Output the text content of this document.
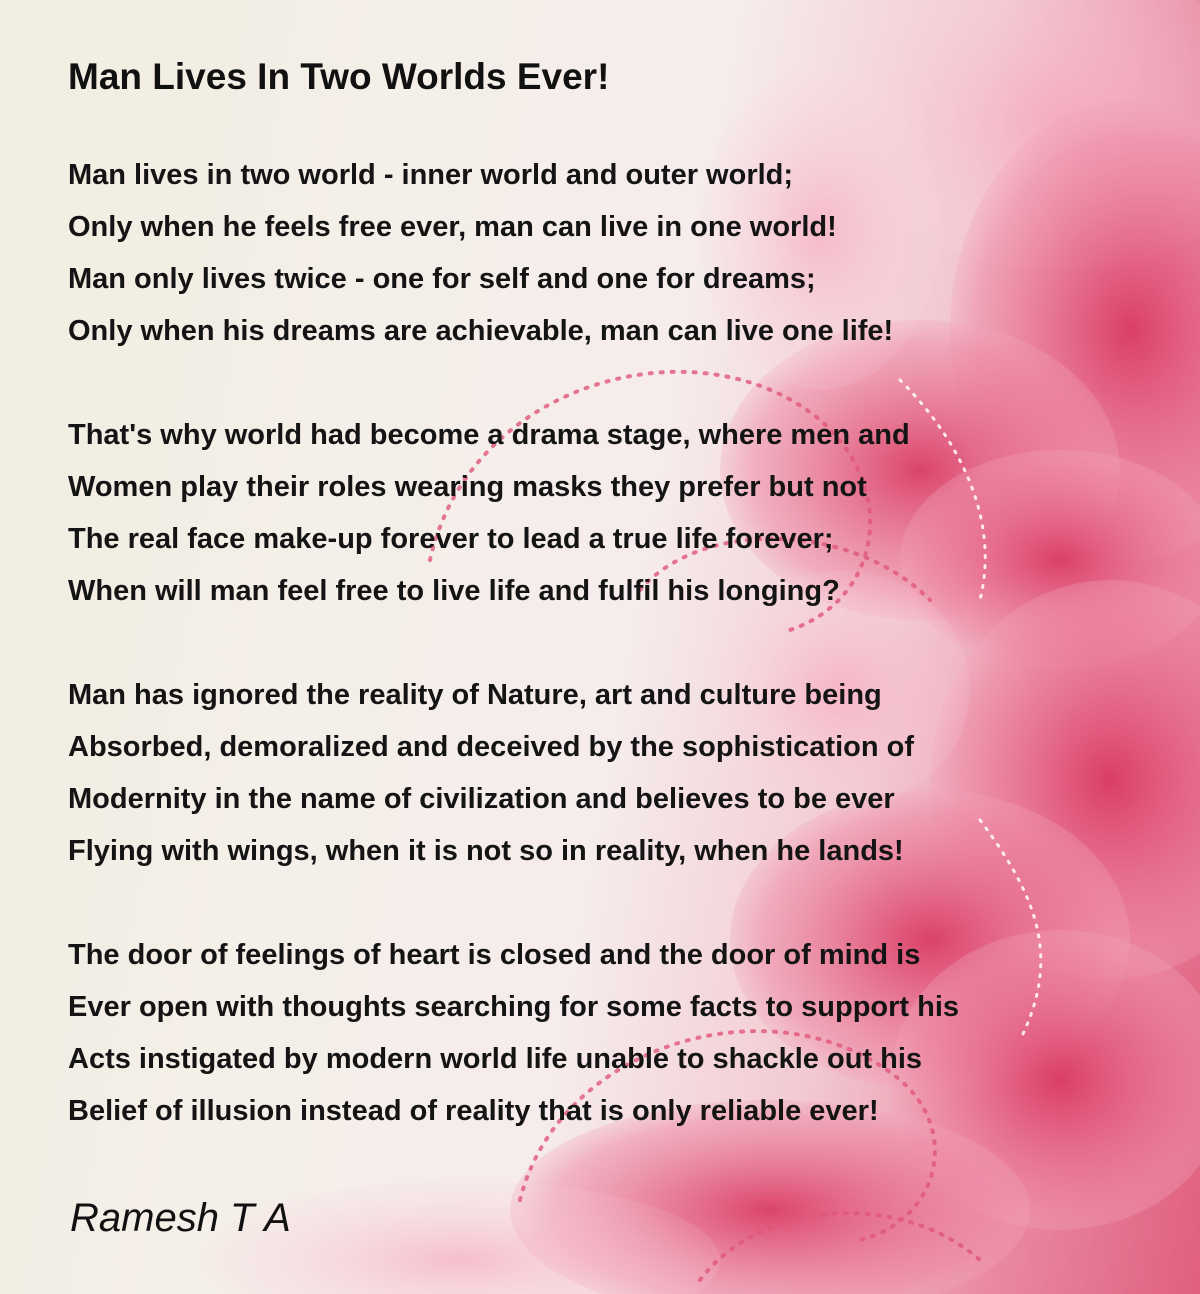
Man Lives In Two Worlds Ever!
Man lives in two world - inner world and outer world;
Only when he feels free ever, man can live in one world!
Man only lives twice - one for self and one for dreams;
Only when his dreams are achievable, man can live one life!
That's why world had become a drama stage, where men and
Women play their roles wearing masks they prefer but not
The real face make-up forever to lead a true life forever;
When will man feel free to live life and fulfil his longing?
Man has ignored the reality of Nature, art and culture being
Absorbed, demoralized and deceived by the sophistication of
Modernity in the name of civilization and believes to be ever
Flying with wings, when it is not so in reality, when he lands!
The door of feelings of heart is closed and the door of mind is
Ever open with thoughts searching for some facts to support his
Acts instigated by modern world life unable to shackle out his
Belief of illusion instead of reality that is only reliable ever!
Ramesh T A
